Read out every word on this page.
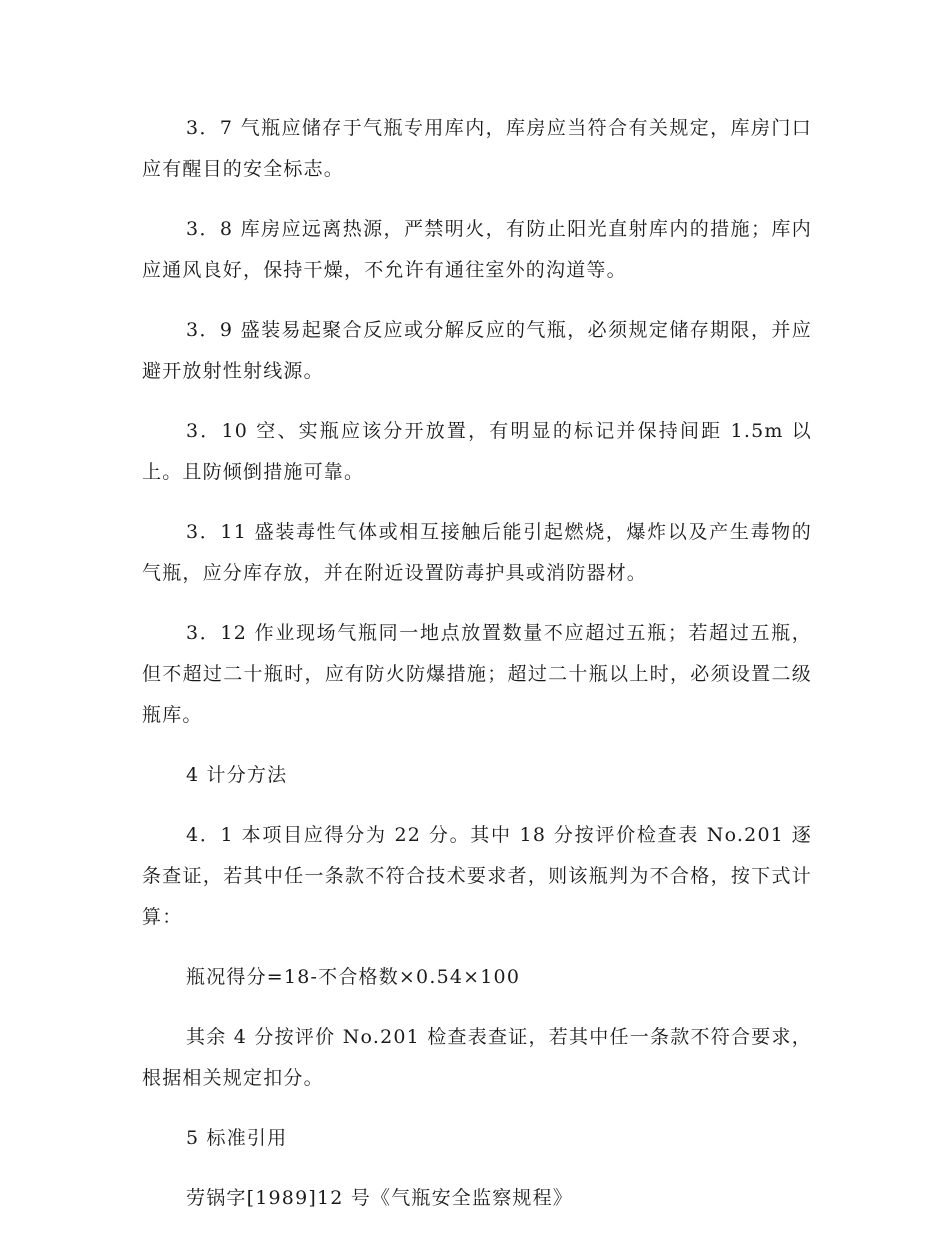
3．7 气瓶应储存于气瓶专用库内，库房应当符合有关规定，库房门口应有醒目的安全标志。

3．8 库房应远离热源，严禁明火，有防止阳光直射库内的措施；库内应通风良好，保持干燥，不允许有通往室外的沟道等。

3．9 盛装易起聚合反应或分解反应的气瓶，必须规定储存期限，并应避开放射性射线源。

3．10 空、实瓶应该分开放置，有明显的标记并保持间距 1.5m 以上。且防倾倒措施可靠。

3．11 盛装毒性气体或相互接触后能引起燃烧，爆炸以及产生毒物的气瓶，应分库存放，并在附近设置防毒护具或消防器材。

3．12 作业现场气瓶同一地点放置数量不应超过五瓶；若超过五瓶，但不超过二十瓶时，应有防火防爆措施；超过二十瓶以上时，必须设置二级瓶库。

4 计分方法

4．1 本项目应得分为 22 分。其中 18 分按评价检查表 No.201 逐条查证，若其中任一条款不符合技术要求者，则该瓶判为不合格，按下式计算：

瓶况得分=18-不合格数×0.54×100

其余 4 分按评价 No.201 检查表查证，若其中任一条款不符合要求，根据相关规定扣分。

5 标准引用

劳锅字[1989]12 号《气瓶安全监察规程》
